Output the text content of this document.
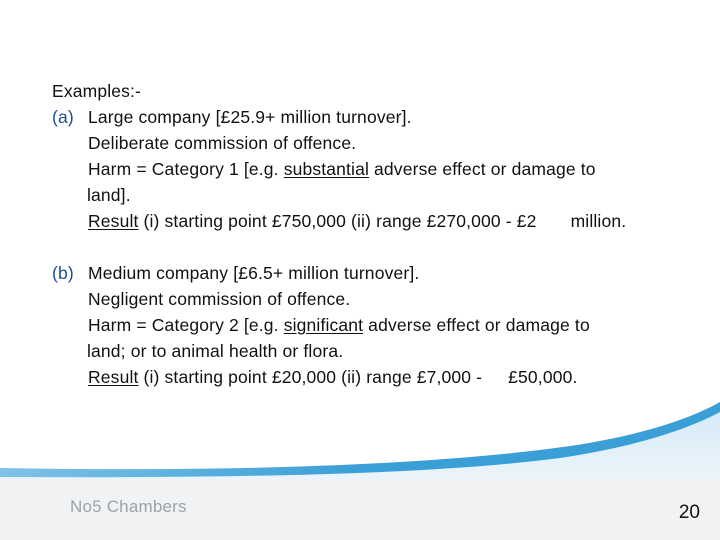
Examples:-
(a) Large company [£25.9+ million turnover].
Deliberate commission of offence.
Harm = Category 1 [e.g. substantial adverse effect or damage to
land].
Result (i) starting point £750,000 (ii) range £270,000 - £2 million.
(b) Medium company [£6.5+ million turnover].
Negligent commission of offence.
Harm = Category 2 [e.g. significant adverse effect or damage to
land; or to animal health or flora.
Result (i) starting point £20,000 (ii) range £7,000 - £50,000.
No5 Chambers	20
